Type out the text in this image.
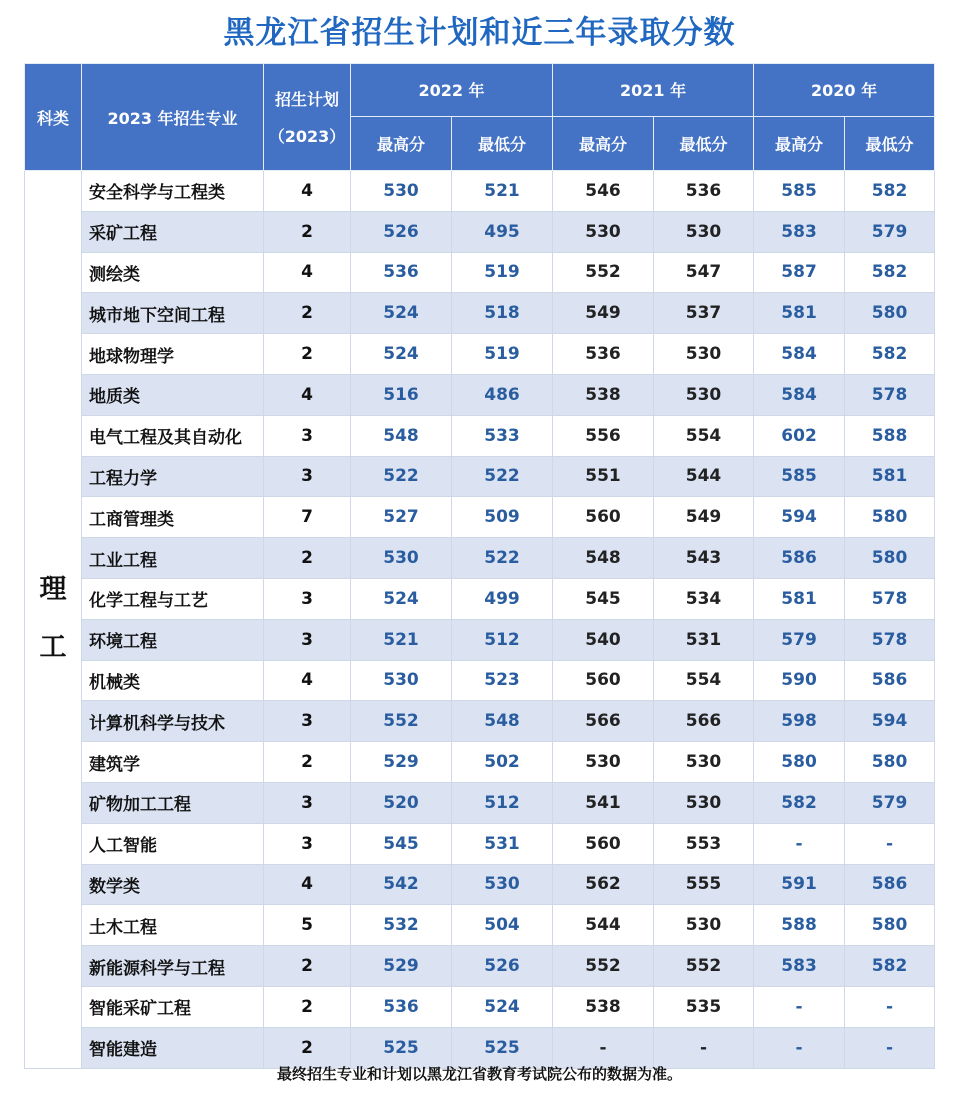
黑龙江省招生计划和近三年录取分数
科类	2023 年招生专业	招生计划	2022 年		2021 年		2020 年	
		（2023）	最高分	最低分	最高分	最低分	最高分	最低分
理
工	安全科学与工程类	4	530	521	546	536	585	582
	采矿工程	2	526	495	530	530	583	579
	测绘类	4	536	519	552	547	587	582
	城市地下空间工程	2	524	518	549	537	581	580
	地球物理学	2	524	519	536	530	584	582
	地质类	4	516	486	538	530	584	578
	电气工程及其自动化	3	548	533	556	554	602	588
	工程力学	3	522	522	551	544	585	581
	工商管理类	7	527	509	560	549	594	580
	工业工程	2	530	522	548	543	586	580
	化学工程与工艺	3	524	499	545	534	581	578
	环境工程	3	521	512	540	531	579	578
	机械类	4	530	523	560	554	590	586
	计算机科学与技术	3	552	548	566	566	598	594
	建筑学	2	529	502	530	530	580	580
	矿物加工工程	3	520	512	541	530	582	579
	人工智能	3	545	531	560	553	-	-
	数学类	4	542	530	562	555	591	586
	土木工程	5	532	504	544	530	588	580
	新能源科学与工程	2	529	526	552	552	583	582
	智能采矿工程	2	536	524	538	535	-	-
	智能建造	2	525	525	-	-	-	-
最终招生专业和计划以黑龙江省教育考试院公布的数据为准。
